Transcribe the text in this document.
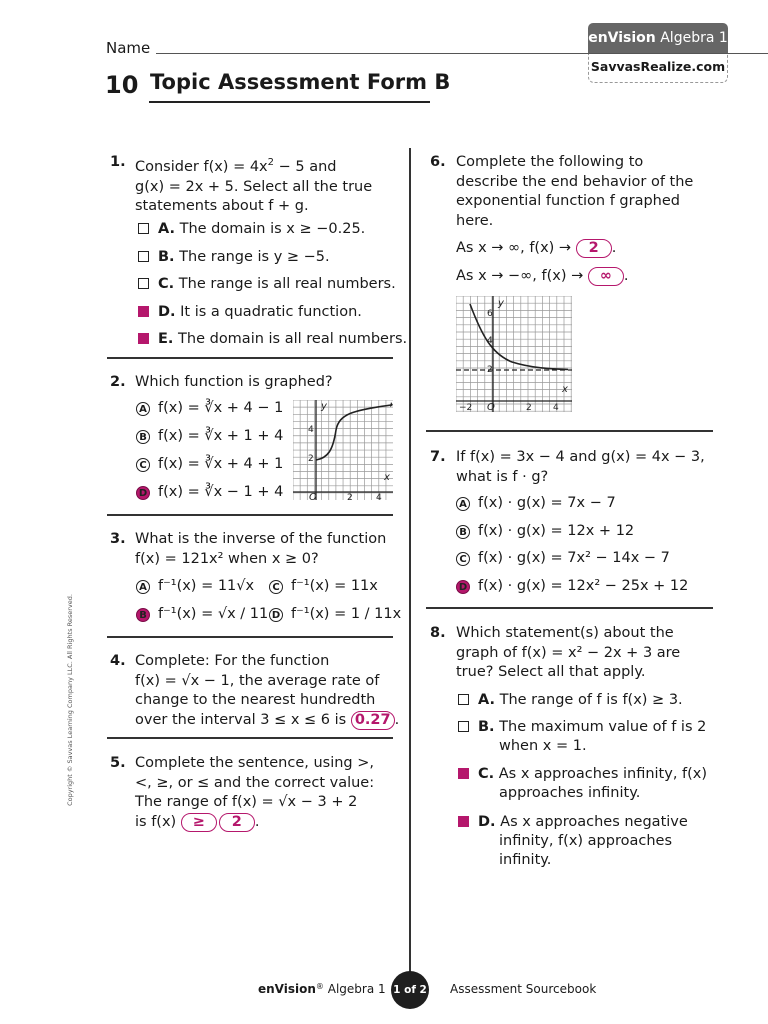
Name
10 Topic Assessment Form B
enVision Algebra 1
SavvasRealize.com
Copyright © Savvas Learning Company LLC. All Rights Reserved.
1. Consider $f(x) = 4x^2 - 5$ and
g(x) = 2x + 5. Select all the true
statements about f + g.
A. The domain is x ≥ −0.25.
B. The range is y ≥ −5.
C. The range is all real numbers.
D. It is a quadratic function.
E. The domain is all real numbers.
2. Which function is graphed?
A f(x) = ∛x + 4 − 1
B f(x) = ∛x + 1 + 4
C f(x) = ∛x + 4 + 1
D f(x) = ∛x − 1 + 4
y
x
4
2
O	2	4
3. What is the inverse of the function
f(x) = 121x² when x ≥ 0?
A f⁻¹(x) = 11√x	C f⁻¹(x) = 11x
B f⁻¹(x) = √x / 11 D f⁻¹(x) = 1 / 11x
4. Complete: For the function
f(x) = √x − 1, the average rate of
change to the nearest hundredth
over the interval 3 ≤ x ≤ 6 is 0.27 .
5. Complete the sentence, using >,
<, ≥, or ≤ and the correct value:
The range of f(x) = √x − 3 + 2
is f(x) ≥ 2 .
6. Complete the following to
describe the end behavior of the
exponential function f graphed
here.
As x → ∞, f(x) → 2 .
As x → −∞, f(x) → ∞ .
y
x
6
4
2
−2 O	2 4
7. If f(x) = 3x − 4 and g(x) = 4x − 3,
what is f · g?
A f(x) · g(x) = 7x − 7
B f(x) · g(x) = 12x + 12
C f(x) · g(x) = 7x² − 14x − 7
D f(x) · g(x) = 12x² − 25x + 12
8. Which statement(s) about the
graph of f(x) = x² − 2x + 3 are
true? Select all that apply.
A. The range of f is f(x) ≥ 3.
B. The maximum value of f is 2
when x = 1.
C. As x approaches infinity, f(x)
approaches infinity.
D. As x approaches negative
infinity, f(x) approaches
infinity.
enVision® Algebra 1 1 of 2 Assessment Sourcebook
